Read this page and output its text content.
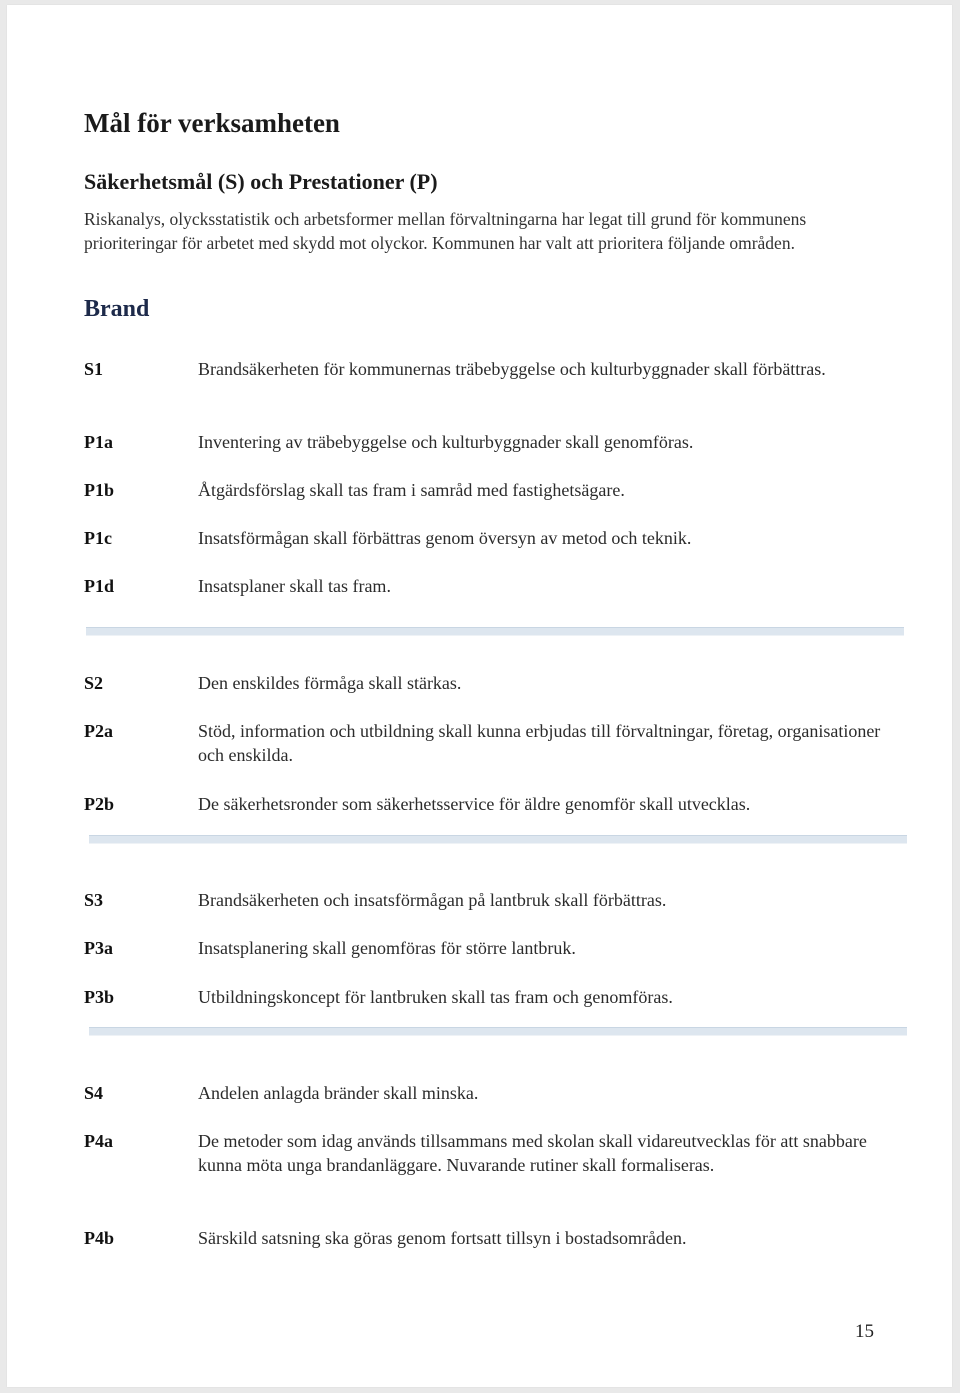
Mål för verksamheten
Säkerhetsmål (S) och Prestationer (P)

Riskanalys, olycksstatistik och arbetsformer mellan förvaltningarna har legat till grund för kommunens prioriteringar för arbetet med skydd mot olyckor. Kommunen har valt att prioritera följande områden.

Brand
S1	Brandsäkerheten för kommunernas träbebyggelse och kulturbyggnader skall förbättras.
P1a	Inventering av träbebyggelse och kulturbyggnader skall genomföras.
P1b	Åtgärdsförslag skall tas fram i samråd med fastighetsägare.
P1c	Insatsförmågan skall förbättras genom översyn av metod och teknik.
P1d	Insatsplaner skall tas fram.
S2	Den enskildes förmåga skall stärkas.
P2a	Stöd, information och utbildning skall kunna erbjudas till förvaltningar, företag, organisationer och enskilda.
P2b	De säkerhetsronder som säkerhetsservice för äldre genomför skall utvecklas.
S3	Brandsäkerheten och insatsförmågan på lantbruk skall förbättras.
P3a	Insatsplanering skall genomföras för större lantbruk.
P3b	Utbildningskoncept för lantbruken skall tas fram och genomföras.
S4	Andelen anlagda bränder skall minska.
P4a	De metoder som idag används tillsammans med skolan skall vidareutvecklas för att snabbare kunna möta unga brandanläggare. Nuvarande rutiner skall formaliseras.
P4b	Särskild satsning ska göras genom fortsatt tillsyn i bostadsområden.
15
